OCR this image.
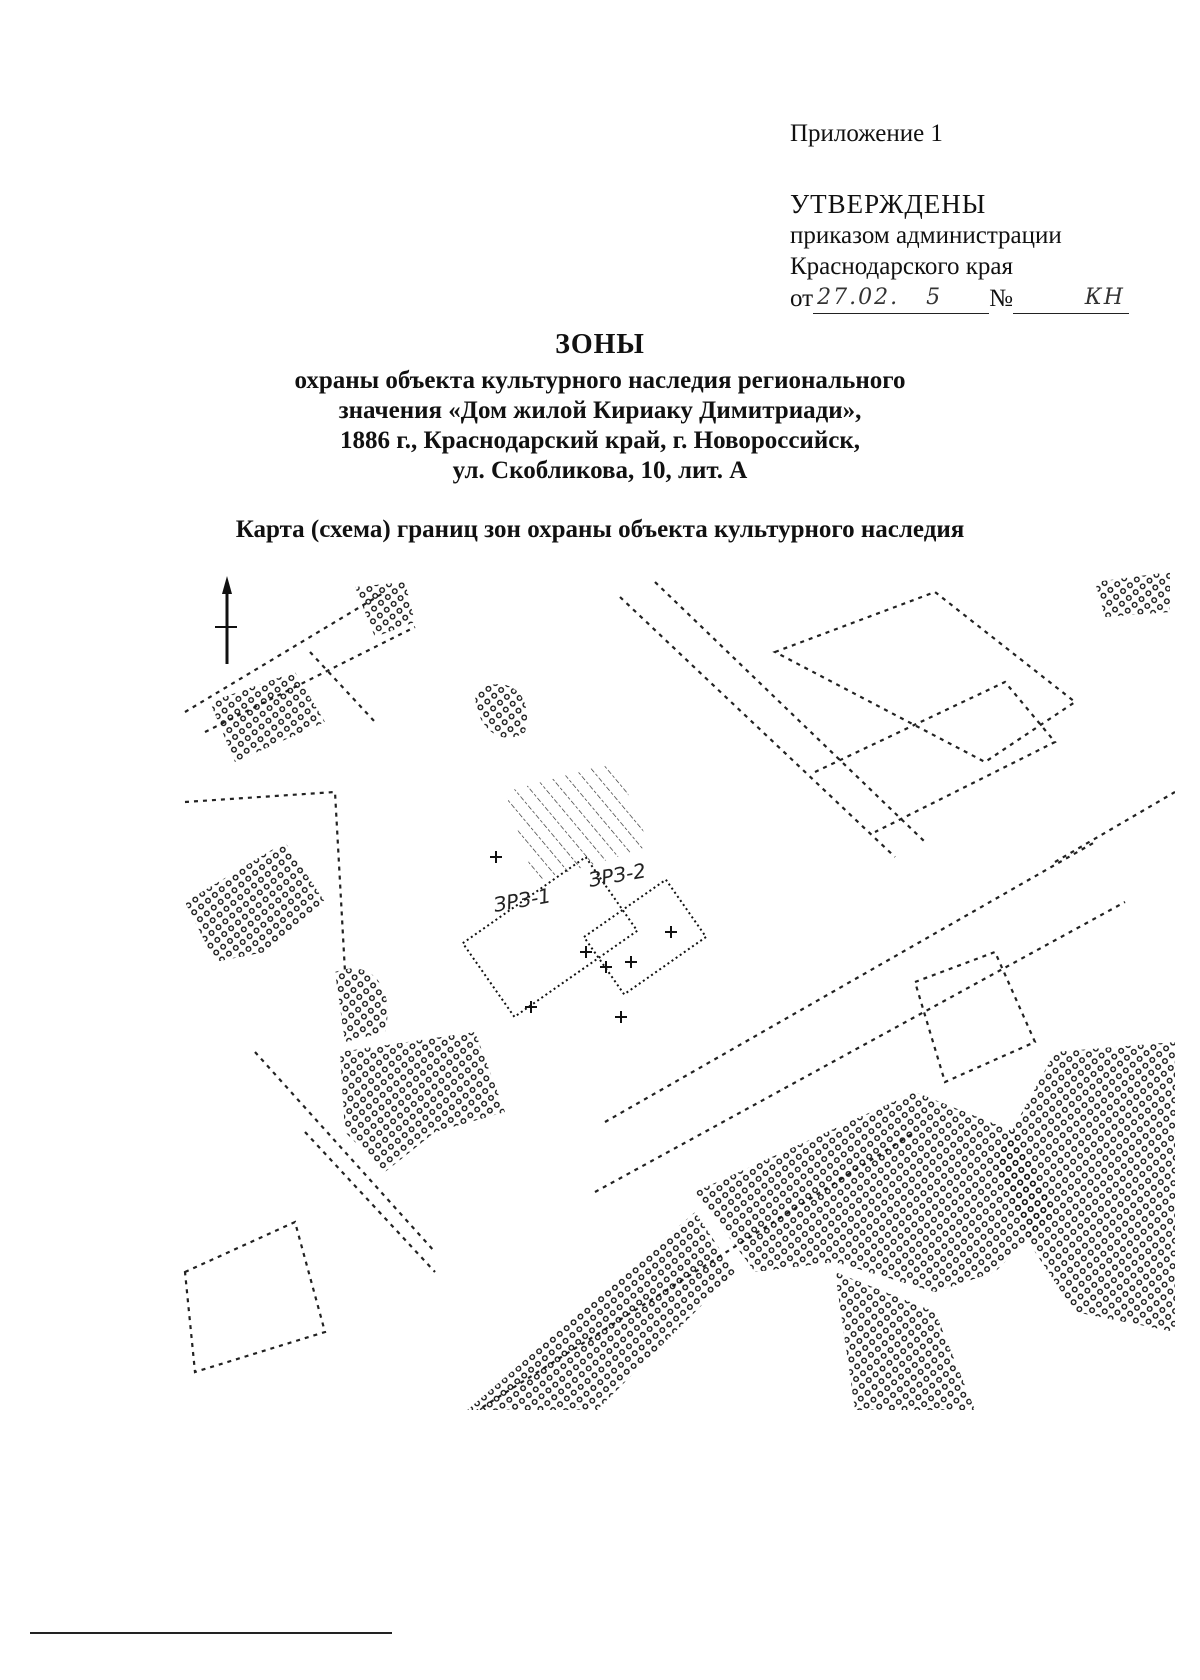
Приложение 1
УТВЕРЖДЕНЫ
приказом администрации
Краснодарского края
от 27.02. 5	№	КН
ЗОНЫ
охраны объекта культурного наследия регионального
значения «Дом жилой Кириаку Димитриади»,
1886 г., Краснодарский край, г. Новороссийск,
ул. Скобликова, 10, лит. А
Карта (схема) границ зон охраны объекта культурного наследия
ЗРЗ-2
ЗРЗ-1
